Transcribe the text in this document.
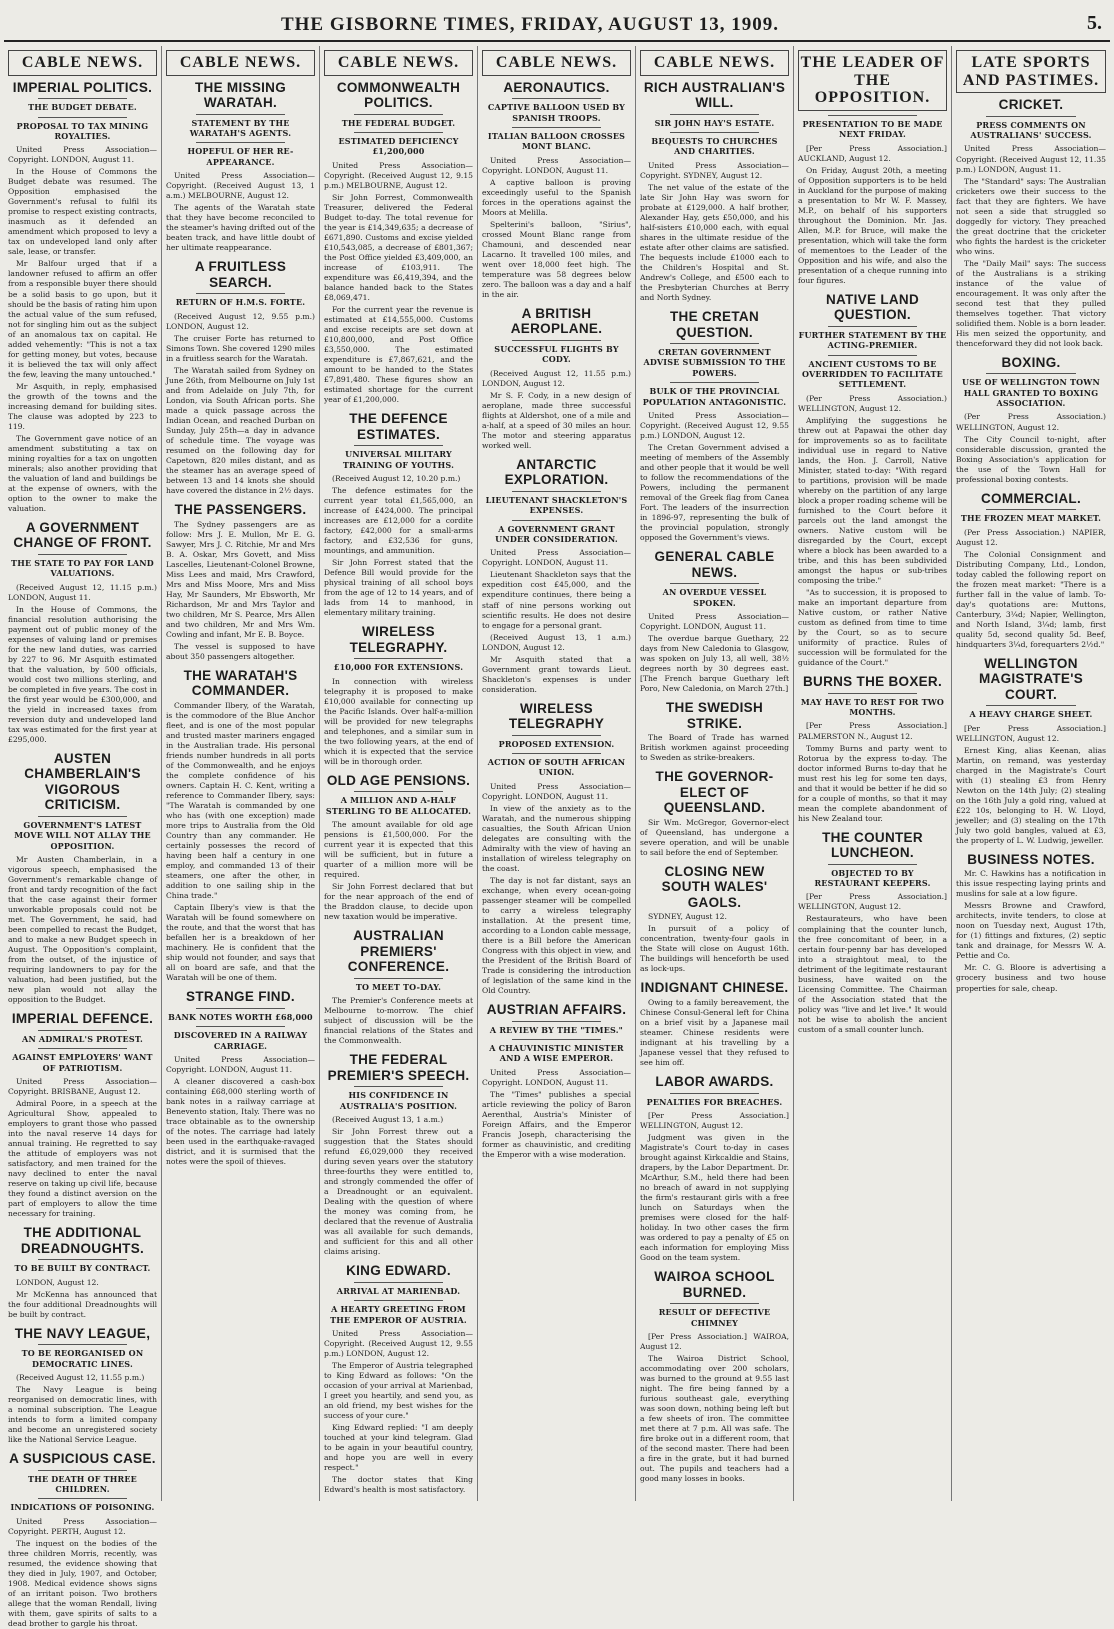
THE GISBORNE TIMES, FRIDAY, AUGUST 13, 1909.	5.
CABLE NEWS.
IMPERIAL POLITICS.
THE BUDGET DEBATE.
PROPOSAL TO TAX MINING ROYALTIES.

United Press Association—Copyright. LONDON, August 11.

In the House of Commons the Budget debate was resumed. The Opposition emphasised the Government's refusal to fulfil its promise to respect existing contracts, inasmuch as it defended an amendment which proposed to levy a tax on undeveloped land only after sale, lease, or transfer.

Mr Balfour urged that if a landowner refused to affirm an offer from a responsible buyer there should be a solid basis to go upon, but it should be the basis of rating him upon the actual value of the sum refused, not for singling him out as the subject of an anomalous tax on capital. He added vehemently: "This is not a tax for getting money, but votes, because it is believed the tax will only affect the few, leaving the many untouched."

Mr Asquith, in reply, emphasised the growth of the towns and the increasing demand for building sites. The clause was adopted by 223 to 119.

The Government gave notice of an amendment substituting a tax on mining royalties for a tax on ungotten minerals; also another providing that the valuation of land and buildings be at the expense of owners, with the option to the owner to make the valuation.

A GOVERNMENT CHANGE OF FRONT.
THE STATE TO PAY FOR LAND VALUATIONS.

(Received August 12, 11.15 p.m.) LONDON, August 11.

In the House of Commons, the financial resolution authorising the payment out of public money of the expenses of valuing land or premises for the new land duties, was carried by 227 to 96. Mr Asquith estimated that the valuation, by 500 officials, would cost two millions sterling, and be completed in five years. The cost in the first year would be £300,000, and the yield in increased taxes from reversion duty and undeveloped land tax was estimated for the first year at £295,000.

AUSTEN CHAMBERLAIN'S VIGOROUS CRITICISM.
GOVERNMENT'S LATEST MOVE WILL NOT ALLAY THE OPPOSITION.

Mr Austen Chamberlain, in a vigorous speech, emphasised the Government's remarkable change of front and tardy recognition of the fact that the case against their former unworkable proposals could not be met. The Government, he said, had been compelled to recast the Budget, and to make a new Budget speech in August. The Opposition's complaint, from the outset, of the injustice of requiring landowners to pay for the valuation, had been justified, but the new plan would not allay the opposition to the Budget.

IMPERIAL DEFENCE.
AN ADMIRAL'S PROTEST.
AGAINST EMPLOYERS' WANT OF PATRIOTISM.

United Press Association—Copyright. BRISBANE, August 12.

Admiral Poore, in a speech at the Agricultural Show, appealed to employers to grant those who passed into the naval reserve 14 days for annual training. He regretted to say the attitude of employers was not satisfactory, and men trained for the navy declined to enter the naval reserve on taking up civil life, because they found a distinct aversion on the part of employers to allow the time necessary for training.

THE ADDITIONAL DREADNOUGHTS.
TO BE BUILT BY CONTRACT.

LONDON, August 12.

Mr McKenna has announced that the four additional Dreadnoughts will be built by contract.

THE NAVY LEAGUE,
TO BE REORGANISED ON DEMOCRATIC LINES.

(Received August 12, 11.55 p.m.)

The Navy League is being reorganised on democratic lines, with a nominal subscription. The League intends to form a limited company and become an unregistered society like the National Service League.

A SUSPICIOUS CASE.
THE DEATH OF THREE CHILDREN.
INDICATIONS OF POISONING.

United Press Association—Copyright. PERTH, August 12.

The inquest on the bodies of the three children Morris, recently, was resumed, the evidence showing that they died in July, 1907, and October, 1908. Medical evidence shows signs of an irritant poison. Two brothers allege that the woman Rendall, living with them, gave spirits of salts to a dead brother to gargle his throat.

CABLE NEWS.
THE MISSING WARATAH.
STATEMENT BY THE WARATAH'S AGENTS.
HOPEFUL OF HER RE-APPEARANCE.

United Press Association—Copyright. (Received August 13, 1 a.m.) MELBOURNE, August 12.

The agents of the Waratah state that they have become reconciled to the steamer's having drifted out of the beaten track, and have little doubt of her ultimate reappearance.

A FRUITLESS SEARCH.
RETURN OF H.M.S. FORTE.

(Received August 12, 9.55 p.m.) LONDON, August 12.

The cruiser Forte has returned to Simons Town. She covered 1290 miles in a fruitless search for the Waratah.

The Waratah sailed from Sydney on June 26th, from Melbourne on July 1st and from Adelaide on July 7th, for London, via South African ports. She made a quick passage across the Indian Ocean, and reached Durban on Sunday, July 25th—a day in advance of schedule time. The voyage was resumed on the following day for Capetown, 820 miles distant, and as the steamer has an average speed of between 13 and 14 knots she should have covered the distance in 2½ days.

THE PASSENGERS.

The Sydney passengers are as follow: Mrs J. E. Mullon, Mr E. G. Sawyer, Mrs J. C. Ritchie, Mr and Mrs B. A. Oskar, Mrs Govett, and Miss Lascelles, Lieutenant-Colonel Browne, Miss Lees and maid, Mrs Crawford, Mrs and Miss Moore, Mrs and Miss Hay, Mr Saunders, Mr Ebsworth, Mr Richardson, Mr and Mrs Taylor and two children, Mr S. Pearce, Mrs Allen and two children, Mr and Mrs Wm. Cowling and infant, Mr E. B. Boyce.

The vessel is supposed to have about 350 passengers altogether.

THE WARATAH'S COMMANDER.

Commander Ilbery, of the Waratah, is the commodore of the Blue Anchor fleet, and is one of the most popular and trusted master mariners engaged in the Australian trade. His personal friends number hundreds in all ports of the Commonwealth, and he enjoys the complete confidence of his owners. Captain H. C. Kent, writing a reference to Commander Ilbery, says: "The Waratah is commanded by one who has (with one exception) made more trips to Australia from the Old Country than any commander. He certainly possesses the record of having been half a century in one employ, and commanded 13 of their steamers, one after the other, in addition to one sailing ship in the China trade."

Captain Ilbery's view is that the Waratah will be found somewhere on the route, and that the worst that has befallen her is a breakdown of her machinery. He is confident that the ship would not founder, and says that all on board are safe, and that the Waratah will be one of them.

STRANGE FIND.
BANK NOTES WORTH £68,000
DISCOVERED IN A RAILWAY CARRIAGE.

United Press Association—Copyright. LONDON, August 11.

A cleaner discovered a cash-box containing £68,000 sterling worth of bank notes in a railway carriage at Benevento station, Italy. There was no trace obtainable as to the ownership of the notes. The carriage had lately been used in the earthquake-ravaged district, and it is surmised that the notes were the spoil of thieves.

CABLE NEWS.
COMMONWEALTH POLITICS.
THE FEDERAL BUDGET.
ESTIMATED DEFICIENCY £1,200,000

United Press Association—Copyright. (Received August 12, 9.15 p.m.) MELBOURNE, August 12.

Sir John Forrest, Commonwealth Treasurer, delivered the Federal Budget to-day. The total revenue for the year is £14,349,635; a decrease of £671,890. Customs and excise yielded £10,543,085, a decrease of £801,367; the Post Office yielded £3,409,000, an increase of £103,911. The expenditure was £6,419,394, and the balance handed back to the States £8,069,471.

For the current year the revenue is estimated at £14,555,000. Customs and excise receipts are set down at £10,800,000, and Post Office £3,550,000. The estimated expenditure is £7,867,621, and the amount to be handed to the States £7,891,480. These figures show an estimated shortage for the current year of £1,200,000.

THE DEFENCE ESTIMATES.
UNIVERSAL MILITARY TRAINING OF YOUTHS.

(Received August 12, 10.20 p.m.)

The defence estimates for the current year total £1,565,000, an increase of £424,000. The principal increases are £12,000 for a cordite factory, £42,000 for a small-arms factory, and £32,536 for guns, mountings, and ammunition.

Sir John Forrest stated that the Defence Bill would provide for the physical training of all school boys from the age of 12 to 14 years, and of lads from 14 to manhood, in elementary military training.

WIRELESS TELEGRAPHY.
£10,000 FOR EXTENSIONS.

In connection with wireless telegraphy it is proposed to make £10,000 available for connecting up the Pacific Islands. Over half-a-million will be provided for new telegraphs and telephones, and a similar sum in the two following years, at the end of which it is expected that the service will be in thorough order.

OLD AGE PENSIONS.
A MILLION AND A-HALF STERLING TO BE ALLOCATED.

The amount available for old age pensions is £1,500,000. For the current year it is expected that this will be sufficient, but in future a quarter of a million more will be required.

Sir John Forrest declared that but for the near approach of the end of the Braddon clause, to decide upon new taxation would be imperative.

AUSTRALIAN PREMIERS' CONFERENCE.
TO MEET TO-DAY.

The Premier's Conference meets at Melbourne to-morrow. The chief subject of discussion will be the financial relations of the States and the Commonwealth.

THE FEDERAL PREMIER'S SPEECH.
HIS CONFIDENCE IN AUSTRALIA'S POSITION.

(Received August 13, 1 a.m.)

Sir John Forrest threw out a suggestion that the States should refund £6,029,000 they received during seven years over the statutory three-fourths they were entitled to, and strongly commended the offer of a Dreadnought or an equivalent. Dealing with the question of where the money was coming from, he declared that the revenue of Australia was all available for such demands, and sufficient for this and all other claims arising.

KING EDWARD.
ARRIVAL AT MARIENBAD.
A HEARTY GREETING FROM THE EMPEROR OF AUSTRIA.

United Press Association—Copyright. (Received August 12, 9.55 p.m.) LONDON, August 12.

The Emperor of Austria telegraphed to King Edward as follows: "On the occasion of your arrival at Marienbad, I greet you heartily, and send you, as an old friend, my best wishes for the success of your cure."

King Edward replied: "I am deeply touched at your kind telegram. Glad to be again in your beautiful country, and hope you are well in every respect."

The doctor states that King Edward's health is most satisfactory.

CABLE NEWS.
AERONAUTICS.
CAPTIVE BALLOON USED BY SPANISH TROOPS.
ITALIAN BALLOON CROSSES MONT BLANC.

United Press Association—Copyright. LONDON, August 11.

A captive balloon is proving exceedingly useful to the Spanish forces in the operations against the Moors at Melilla.

Spelterini's balloon, "Sirius", crossed Mount Blanc range from Chamouni, and descended near Lacarno. It travelled 100 miles, and went over 18,000 feet high. The temperature was 58 degrees below zero. The balloon was a day and a half in the air.

A BRITISH AEROPLANE.
SUCCESSFUL FLIGHTS BY CODY.

(Received August 12, 11.55 p.m.) LONDON, August 12.

Mr S. F. Cody, in a new design of aeroplane, made three successful flights at Aldershot, one of a mile and a-half, at a speed of 30 miles an hour. The motor and steering apparatus worked well.

ANTARCTIC EXPLORATION.
LIEUTENANT SHACKLETON'S EXPENSES.
A GOVERNMENT GRANT UNDER CONSIDERATION.

United Press Association—Copyright. LONDON, August 11.

Lieutenant Shackleton says that the expedition cost £45,000, and the expenditure continues, there being a staff of nine persons working out scientific results. He does not desire to engage for a personal grant.

(Received August 13, 1 a.m.) LONDON, August 12.

Mr Asquith stated that a Government grant towards Lieut. Shackleton's expenses is under consideration.

WIRELESS TELEGRAPHY
PROPOSED EXTENSION.
ACTION OF SOUTH AFRICAN UNION.

United Press Association—Copyright. LONDON, August 11.

In view of the anxiety as to the Waratah, and the numerous shipping casualties, the South African Union delegates are consulting with the Admiralty with the view of having an installation of wireless telegraphy on the coast.

The day is not far distant, says an exchange, when every ocean-going passenger steamer will be compelled to carry a wireless telegraphy installation. At the present time, according to a London cable message, there is a Bill before the American Congress with this object in view, and the President of the British Board of Trade is considering the introduction of legislation of the same kind in the Old Country.

AUSTRIAN AFFAIRS.
A REVIEW BY THE "TIMES."
A CHAUVINISTIC MINISTER AND A WISE EMPEROR.

United Press Association—Copyright. LONDON, August 11.

The "Times" publishes a special article reviewing the policy of Baron Aerenthal, Austria's Minister of Foreign Affairs, and the Emperor Francis Joseph, characterising the former as chauvinistic, and crediting the Emperor with a wise moderation.

CABLE NEWS.
RICH AUSTRALIAN'S WILL.
SIR JOHN HAY'S ESTATE.
BEQUESTS TO CHURCHES AND CHARITIES.

United Press Association—Copyright. SYDNEY, August 12.

The net value of the estate of the late Sir John Hay was sworn for probate at £129,000. A half brother, Alexander Hay, gets £50,000, and his half-sisters £10,000 each, with equal shares in the ultimate residue of the estate after other claims are satisfied. The bequests include £1000 each to the Children's Hospital and St. Andrew's College, and £500 each to the Presbyterian Churches at Berry and North Sydney.

THE CRETAN QUESTION.
CRETAN GOVERNMENT ADVISE SUBMISSION TO THE POWERS.
BULK OF THE PROVINCIAL POPULATION ANTAGONISTIC.

United Press Association—Copyright. (Received August 12, 9.55 p.m.) LONDON, August 12.

The Cretan Government advised a meeting of members of the Assembly and other people that it would be well to follow the recommendations of the Powers, including the permanent removal of the Greek flag from Canea Fort. The leaders of the insurrection in 1896-97, representing the bulk of the provincial population, strongly opposed the Government's views.

GENERAL CABLE NEWS.
AN OVERDUE VESSEL SPOKEN.

United Press Association—Copyright. LONDON, August 11.

The overdue barque Guethary, 22 days from New Caledonia to Glasgow, was spoken on July 13, all well, 38½ degrees north by 30 degrees east. [The French barque Guethary left Poro, New Caledonia, on March 27th.]

THE SWEDISH STRIKE.

The Board of Trade has warned British workmen against proceeding to Sweden as strike-breakers.

THE GOVERNOR-ELECT OF QUEENSLAND.

Sir Wm. McGregor, Governor-elect of Queensland, has undergone a severe operation, and will be unable to sail before the end of September.

CLOSING NEW SOUTH WALES' GAOLS.

SYDNEY, August 12.

In pursuit of a policy of concentration, twenty-four gaols in the State will close on August 16th. The buildings will henceforth be used as lock-ups.

INDIGNANT CHINESE.

Owing to a family bereavement, the Chinese Consul-General left for China on a brief visit by a Japanese mail steamer. Chinese residents were indignant at his travelling by a Japanese vessel that they refused to see him off.

LABOR AWARDS.
PENALTIES FOR BREACHES.

[Per Press Association.] WELLINGTON, August 12.

Judgment was given in the Magistrate's Court to-day in cases brought against Kirkcaldie and Stains, drapers, by the Labor Department. Dr. McArthur, S.M., held there had been no breach of award in not supplying the firm's restaurant girls with a free lunch on Saturdays when the premises were closed for the half-holiday. In two other cases the firm was ordered to pay a penalty of £5 on each information for employing Miss Good on the team system.

WAIROA SCHOOL BURNED.
RESULT OF DEFECTIVE CHIMNEY

[Per Press Association.] WAIROA, August 12.

The Wairoa District School, accommodating over 200 scholars, was burned to the ground at 9.55 last night. The fire being fanned by a furious southeast gale, everything was soon down, nothing being left but a few sheets of iron. The committee met there at 7 p.m. All was safe. The fire broke out in a different room, that of the second master. There had been a fire in the grate, but it had burned out. The pupils and teachers had a good many losses in books.

THE LEADER OF THE OPPOSITION.
PRESENTATION TO BE MADE NEXT FRIDAY.

[Per Press Association.] AUCKLAND, August 12.

On Friday, August 20th, a meeting of Opposition supporters is to be held in Auckland for the purpose of making a presentation to Mr W. F. Massey, M.P., on behalf of his supporters throughout the Dominion. Mr. Jas. Allen, M.P. for Bruce, will make the presentation, which will take the form of mementoes to the Leader of the Opposition and his wife, and also the presentation of a cheque running into four figures.

NATIVE LAND QUESTION.
FURTHER STATEMENT BY THE ACTING-PREMIER.
ANCIENT CUSTOMS TO BE OVERRIDDEN TO FACILITATE SETTLEMENT.

(Per Press Association.) WELLINGTON, August 12.

Amplifying the suggestions he threw out at Papawai the other day for improvements so as to facilitate individual use in regard to Native lands, the Hon. J. Carroll, Native Minister, stated to-day: "With regard to partitions, provision will be made whereby on the partition of any large block a proper roading scheme will be furnished to the Court before it parcels out the land amongst the owners. Native custom will be disregarded by the Court, except where a block has been awarded to a tribe, and this has been subdivided amongst the hapus or sub-tribes composing the tribe."

"As to succession, it is proposed to make an important departure from Native custom, or rather Native custom as defined from time to time by the Court, so as to secure uniformity of practice. Rules of succession will be formulated for the guidance of the Court."

BURNS THE BOXER.
MAY HAVE TO REST FOR TWO MONTHS.

[Per Press Association.] PALMERSTON N., August 12.

Tommy Burns and party went to Rotorua by the express to-day. The doctor informed Burns to-day that he must rest his leg for some ten days, and that it would be better if he did so for a couple of months, so that it may mean the complete abandonment of his New Zealand tour.

THE COUNTER LUNCHEON.
OBJECTED TO BY RESTAURANT KEEPERS.

[Per Press Association.] WELLINGTON, August 12.

Restaurateurs, who have been complaining that the counter lunch, the free concomitant of beer, in a certain four-penny bar has developed into a straightout meal, to the detriment of the legitimate restaurant business, have waited on the Licensing Committee. The Chairman of the Association stated that the policy was "live and let live." It would not be wise to abolish the ancient custom of a small counter lunch.

LATE SPORTS AND PASTIMES.
CRICKET.
PRESS COMMENTS ON AUSTRALIANS' SUCCESS.

United Press Association—Copyright. (Received August 12, 11.35 p.m.) LONDON, August 11.

The "Standard" says: The Australian cricketers owe their success to the fact that they are fighters. We have not seen a side that struggled so doggedly for victory. They preached the great doctrine that the cricketer who fights the hardest is the cricketer who wins.

The "Daily Mail" says: The success of the Australians is a striking instance of the value of encouragement. It was only after the second test that they pulled themselves together. That victory solidified them. Noble is a born leader. His men seized the opportunity, and thenceforward they did not look back.

BOXING.
USE OF WELLINGTON TOWN HALL GRANTED TO BOXING ASSOCIATION.

(Per Press Association.) WELLINGTON, August 12.

The City Council to-night, after considerable discussion, granted the Boxing Association's application for the use of the Town Hall for professional boxing contests.

COMMERCIAL.
THE FROZEN MEAT MARKET.

(Per Press Association.) NAPIER, August 12.

The Colonial Consignment and Distributing Company, Ltd., London, today cabled the following report on the frozen meat market: "There is a further fall in the value of lamb. To-day's quotations are: Muttons, Canterbury, 3¼d; Napier, Wellington, and North Island, 3¼d; lamb, first quality 5d, second quality 5d. Beef, hindquarters 3¼d, forequarters 2½d."

WELLINGTON MAGISTRATE'S COURT.
A HEAVY CHARGE SHEET.

[Per Press Association.] WELLINGTON, August 12.

Ernest King, alias Keenan, alias Martin, on remand, was yesterday charged in the Magistrate's Court with (1) stealing £3 from Henry Newton on the 14th July; (2) stealing on the 16th July a gold ring, valued at £22 10s, belonging to H. W. Lloyd, jeweller; and (3) stealing on the 17th July two gold bangles, valued at £3, the property of L. W. Ludwig, jeweller.

BUSINESS NOTES.

Mr. C. Hawkins has a notification in this issue respecting laying prints and muslins for sale at a low figure.

Messrs Browne and Crawford, architects, invite tenders, to close at noon on Tuesday next, August 17th, for (1) fittings and fixtures, (2) septic tank and drainage, for Messrs W. A. Pettie and Co.

Mr. C. G. Bloore is advertising a grocery business and two house properties for sale, cheap.
